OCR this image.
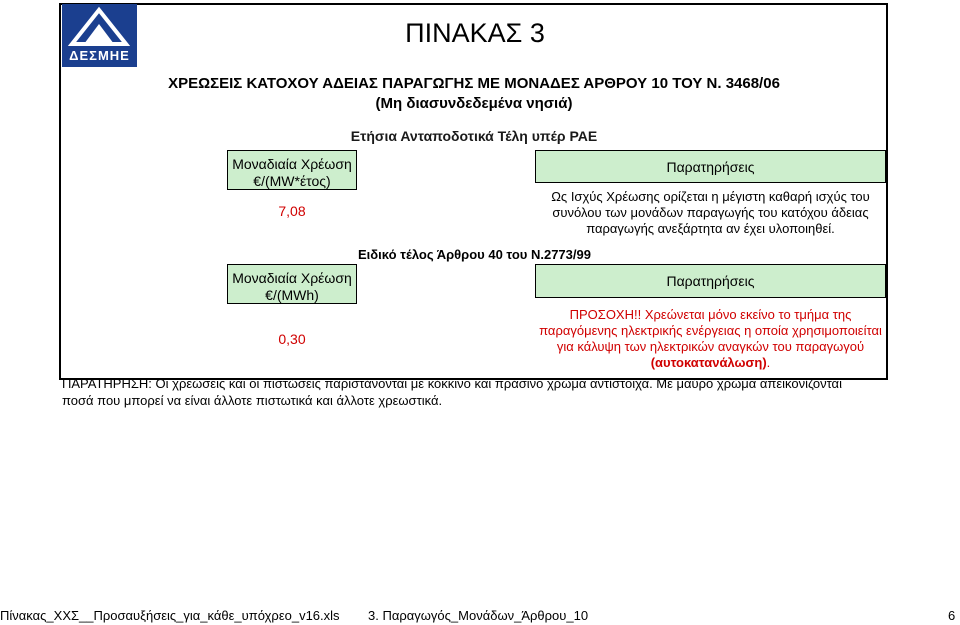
ΔΕΣΜΗΕ
ΠΙΝΑΚΑΣ 3
ΧΡΕΩΣΕΙΣ ΚΑΤΟΧΟΥ ΑΔΕΙΑΣ ΠΑΡΑΓΩΓΗΣ ΜΕ ΜΟΝΑΔΕΣ ΑΡΘΡΟΥ 10 ΤΟΥ Ν. 3468/06
(Μη διασυνδεδεμένα νησιά)
Ετήσια Ανταποδοτικά Τέλη υπέρ ΡΑΕ
Μοναδιαία Χρέωση
€/(MW*έτος)
7,08
Παρατηρήσεις
Ως Ισχύς Χρέωσης ορίζεται η μέγιστη καθαρή ισχύς του
συνόλου των μονάδων παραγωγής του κατόχου άδειας
παραγωγής ανεξάρτητα αν έχει υλοποιηθεί.
Ειδικό τέλος Άρθρου 40 του Ν.2773/99
Μοναδιαία Χρέωση
€/(MWh)
0,30
Παρατηρήσεις
ΠΡΟΣΟΧΗ!! Χρεώνεται μόνο εκείνο το τμήμα της
παραγόμενης ηλεκτρικής ενέργειας η οποία χρησιμοποιείται
για κάλυψη των ηλεκτρικών αναγκών του παραγωγού
(αυτοκατανάλωση).
ΠΑΡΑΤΗΡΗΣΗ: Οι χρεώσεις και οι πιστώσεις παριστάνονται με κόκκινο και πράσινο χρώμα αντίστοιχα. Με μαύρο χρώμα απεικονίζονται
ποσά που μπορεί να είναι άλλοτε πιστωτικά και άλλοτε χρεωστικά.
Πίνακας_ΧΧΣ__Προσαυξήσεις_για_κάθε_υπόχρεο_v16.xls 3. Παραγωγός_Μονάδων_Άρθρου_10	6
